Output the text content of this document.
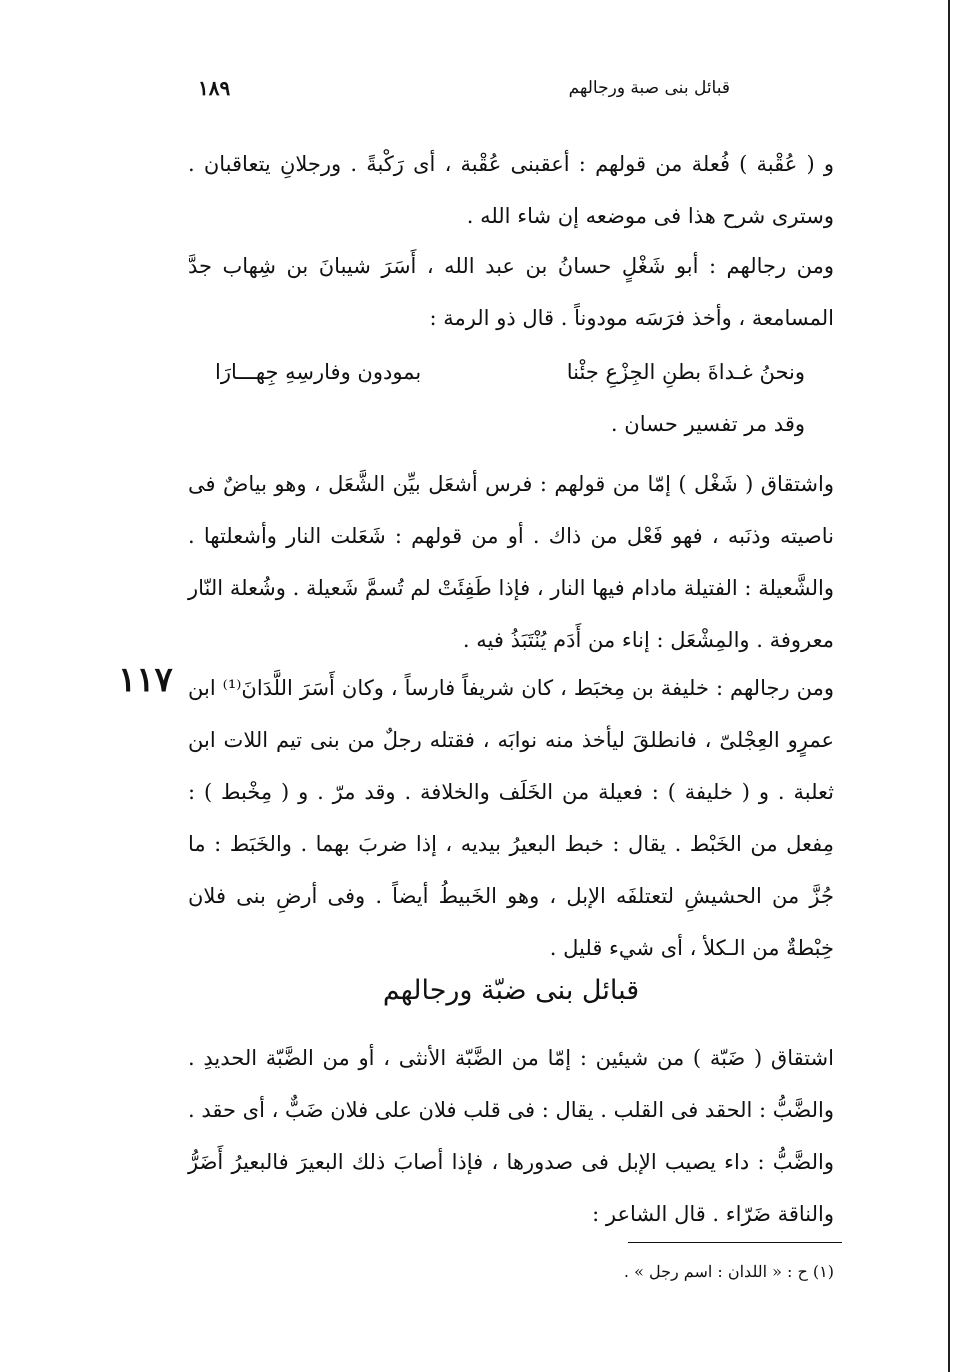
١٨٩	قبائل بنى صبة ورجالهم

و ( عُقْبة ) فُعلة من قولهم : أعقبنى عُقْبة ، أى رَكْبةً . ورجلانِ يتعاقبان . وسترى شرح هذا فى موضعه إن شاء الله .

ومن رجالهم : أبو شَغْلٍ حسانُ بن عبد الله ، أَسَرَ شيبانَ بن شِهاب جدَّ المسامعة ، وأخذ فرَسَه مودوناً . قال ذو الرمة :

ونحنُ غـداةَ بطنِ الجِزْعِ جئْنا
بمودون وفارسِهِ جِهـــارَا
وقد مر تفسير حسان .

واشتقاق ( شَغْل ) إمّا من قولهم : فرس أشعَل بيِّن الشَّعَل ، وهو بياضٌ فى ناصيته وذنَبه ، فهو فَعْل من ذاك . أو من قولهم : شَعَلت النار وأشعلتها . والشَّعيلة : الفتيلة مادام فيها النار ، فإذا طَفِئَتْ لم تُسمَّ شَعيلة . وشُعلة النّار معروفة . والمِشْعَل : إناء من أَدَم يُنْتَبَذُ فيه .

١١٧ ومن رجالهم : خليفة بن مِخبَط ، كان شريفاً فارساً ، وكان أَسَرَ اللَّدَانَ⁽¹⁾ ابن عمرٍو العِجْلىّ ، فانطلقَ ليأخذ منه نوابَه ، فقتله رجلٌ من بنى تيم اللات ابن ثعلبة . و ( خليفة ) : فعيلة من الخَلَف والخلافة . وقد مرّ . و ( مِخْبط ) : مِفعل من الخَبْط . يقال : خبط البعيرُ بيديه ، إذا ضربَ بهما . والخَبَط : ما جُزَّ من الحشيشِ لتعتلفَه الإبل ، وهو الخَبيطُ أيضاً . وفى أرضِ بنى فلان خِبْطةٌ من الـكلأ ، أى شيء قليل .

قبائل بنى ضبّة ورجالهم

اشتقاق ( ضَبّة ) من شيئين : إمّا من الضَّبّة الأنثى ، أو من الضَّبّة الحديدِ . والضَّبُّ : الحقد فى القلب . يقال : فى قلب فلان على فلان ضَبٌّ ، أى حقد . والضَّبُّ : داء يصيب الإبل فى صدورها ، فإذا أصابَ ذلك البعيرَ فالبعيرُ أَضَرُّ والناقة ضَرّاء . قال الشاعر :

(١) ح : « اللدان : اسم رجل » .
